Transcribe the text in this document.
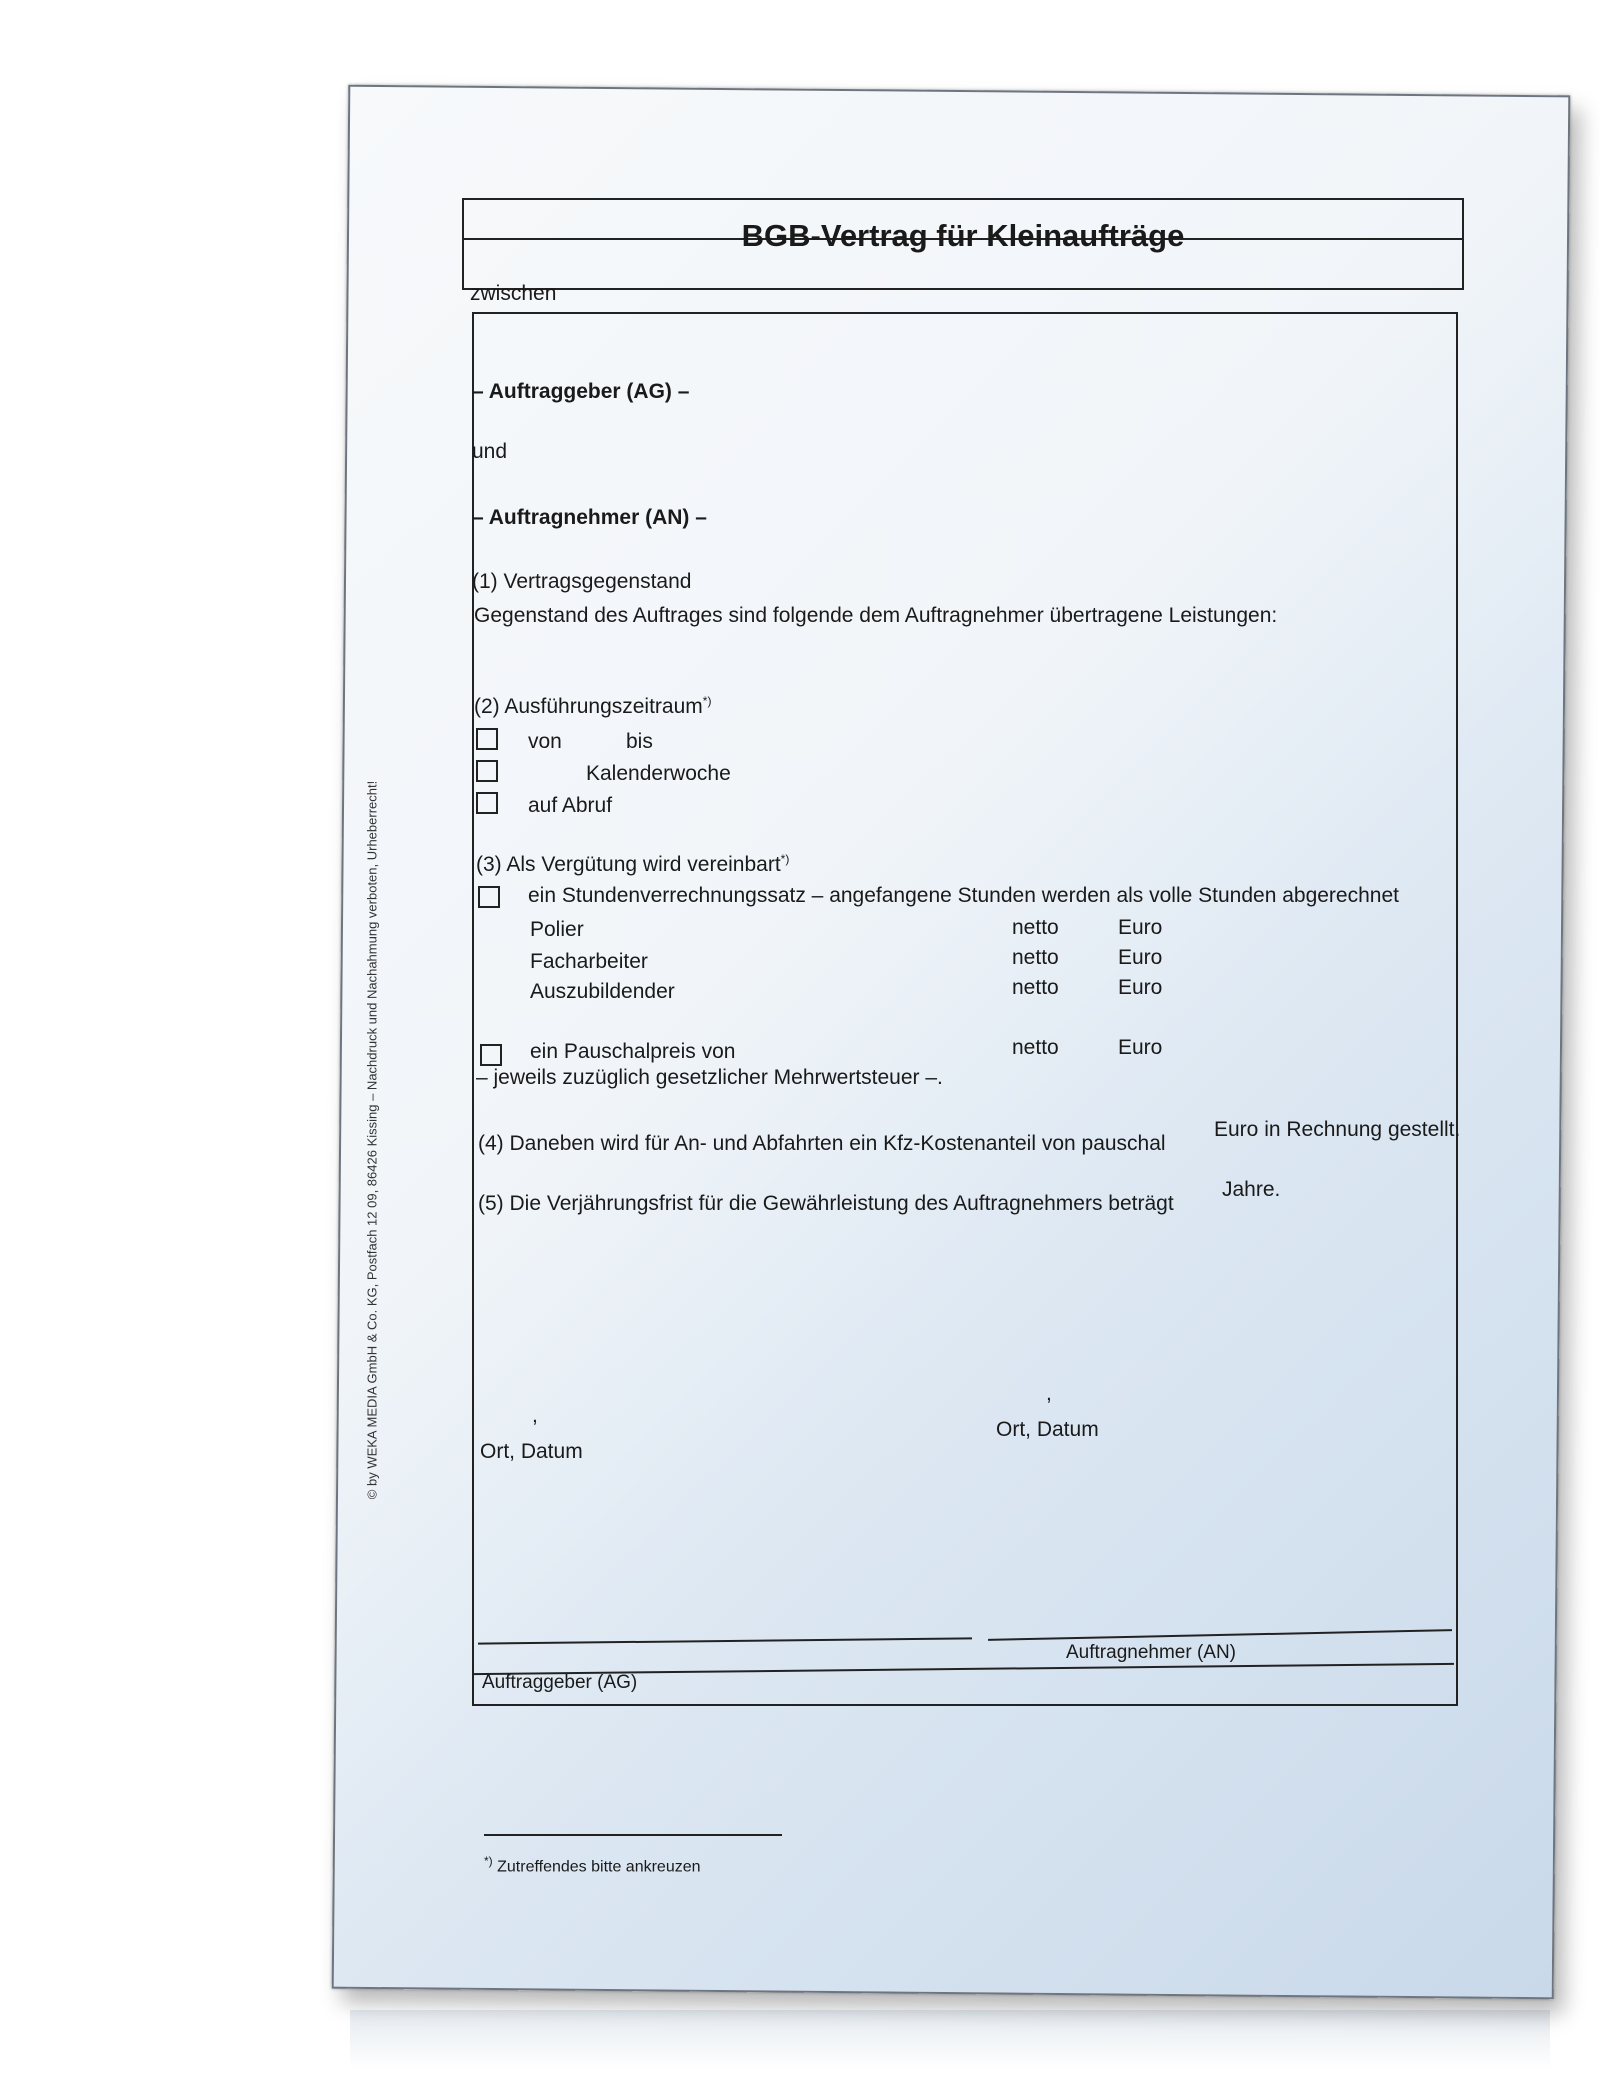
© by WEKA MEDIA GmbH & Co. KG, Postfach 12 09, 86426 Kissing – Nachdruck und Nachahmung verboten, Urheberrecht!
BGB-Vertrag für Kleinaufträge
zwischen
– Auftraggeber (AG) –
und
– Auftragnehmer (AN) –
(1) Vertragsgegenstand
Gegenstand des Auftrages sind folgende dem Auftragnehmer übertragene Leistungen:
(2) Ausführungszeitraum*)
von	bis
Kalenderwoche
auf Abruf
(3) Als Vergütung wird vereinbart*)
ein Stundenverrechnungssatz – angefangene Stunden werden als volle Stunden abgerechnet
Polier	netto	Euro
Facharbeiter	netto	Euro
Auszubildender	netto	Euro
ein Pauschalpreis von	netto	Euro
– jeweils zuzüglich gesetzlicher Mehrwertsteuer –.
(4) Daneben wird für An- und Abfahrten ein Kfz-Kostenanteil von pauschal
Euro in Rechnung gestellt.
(5) Die Verjährungsfrist für die Gewährleistung des Auftragnehmers beträgt
Jahre.
,
Ort, Datum
,
Ort, Datum
Auftraggeber (AG)
Auftragnehmer (AN)
*) Zutreffendes bitte ankreuzen
